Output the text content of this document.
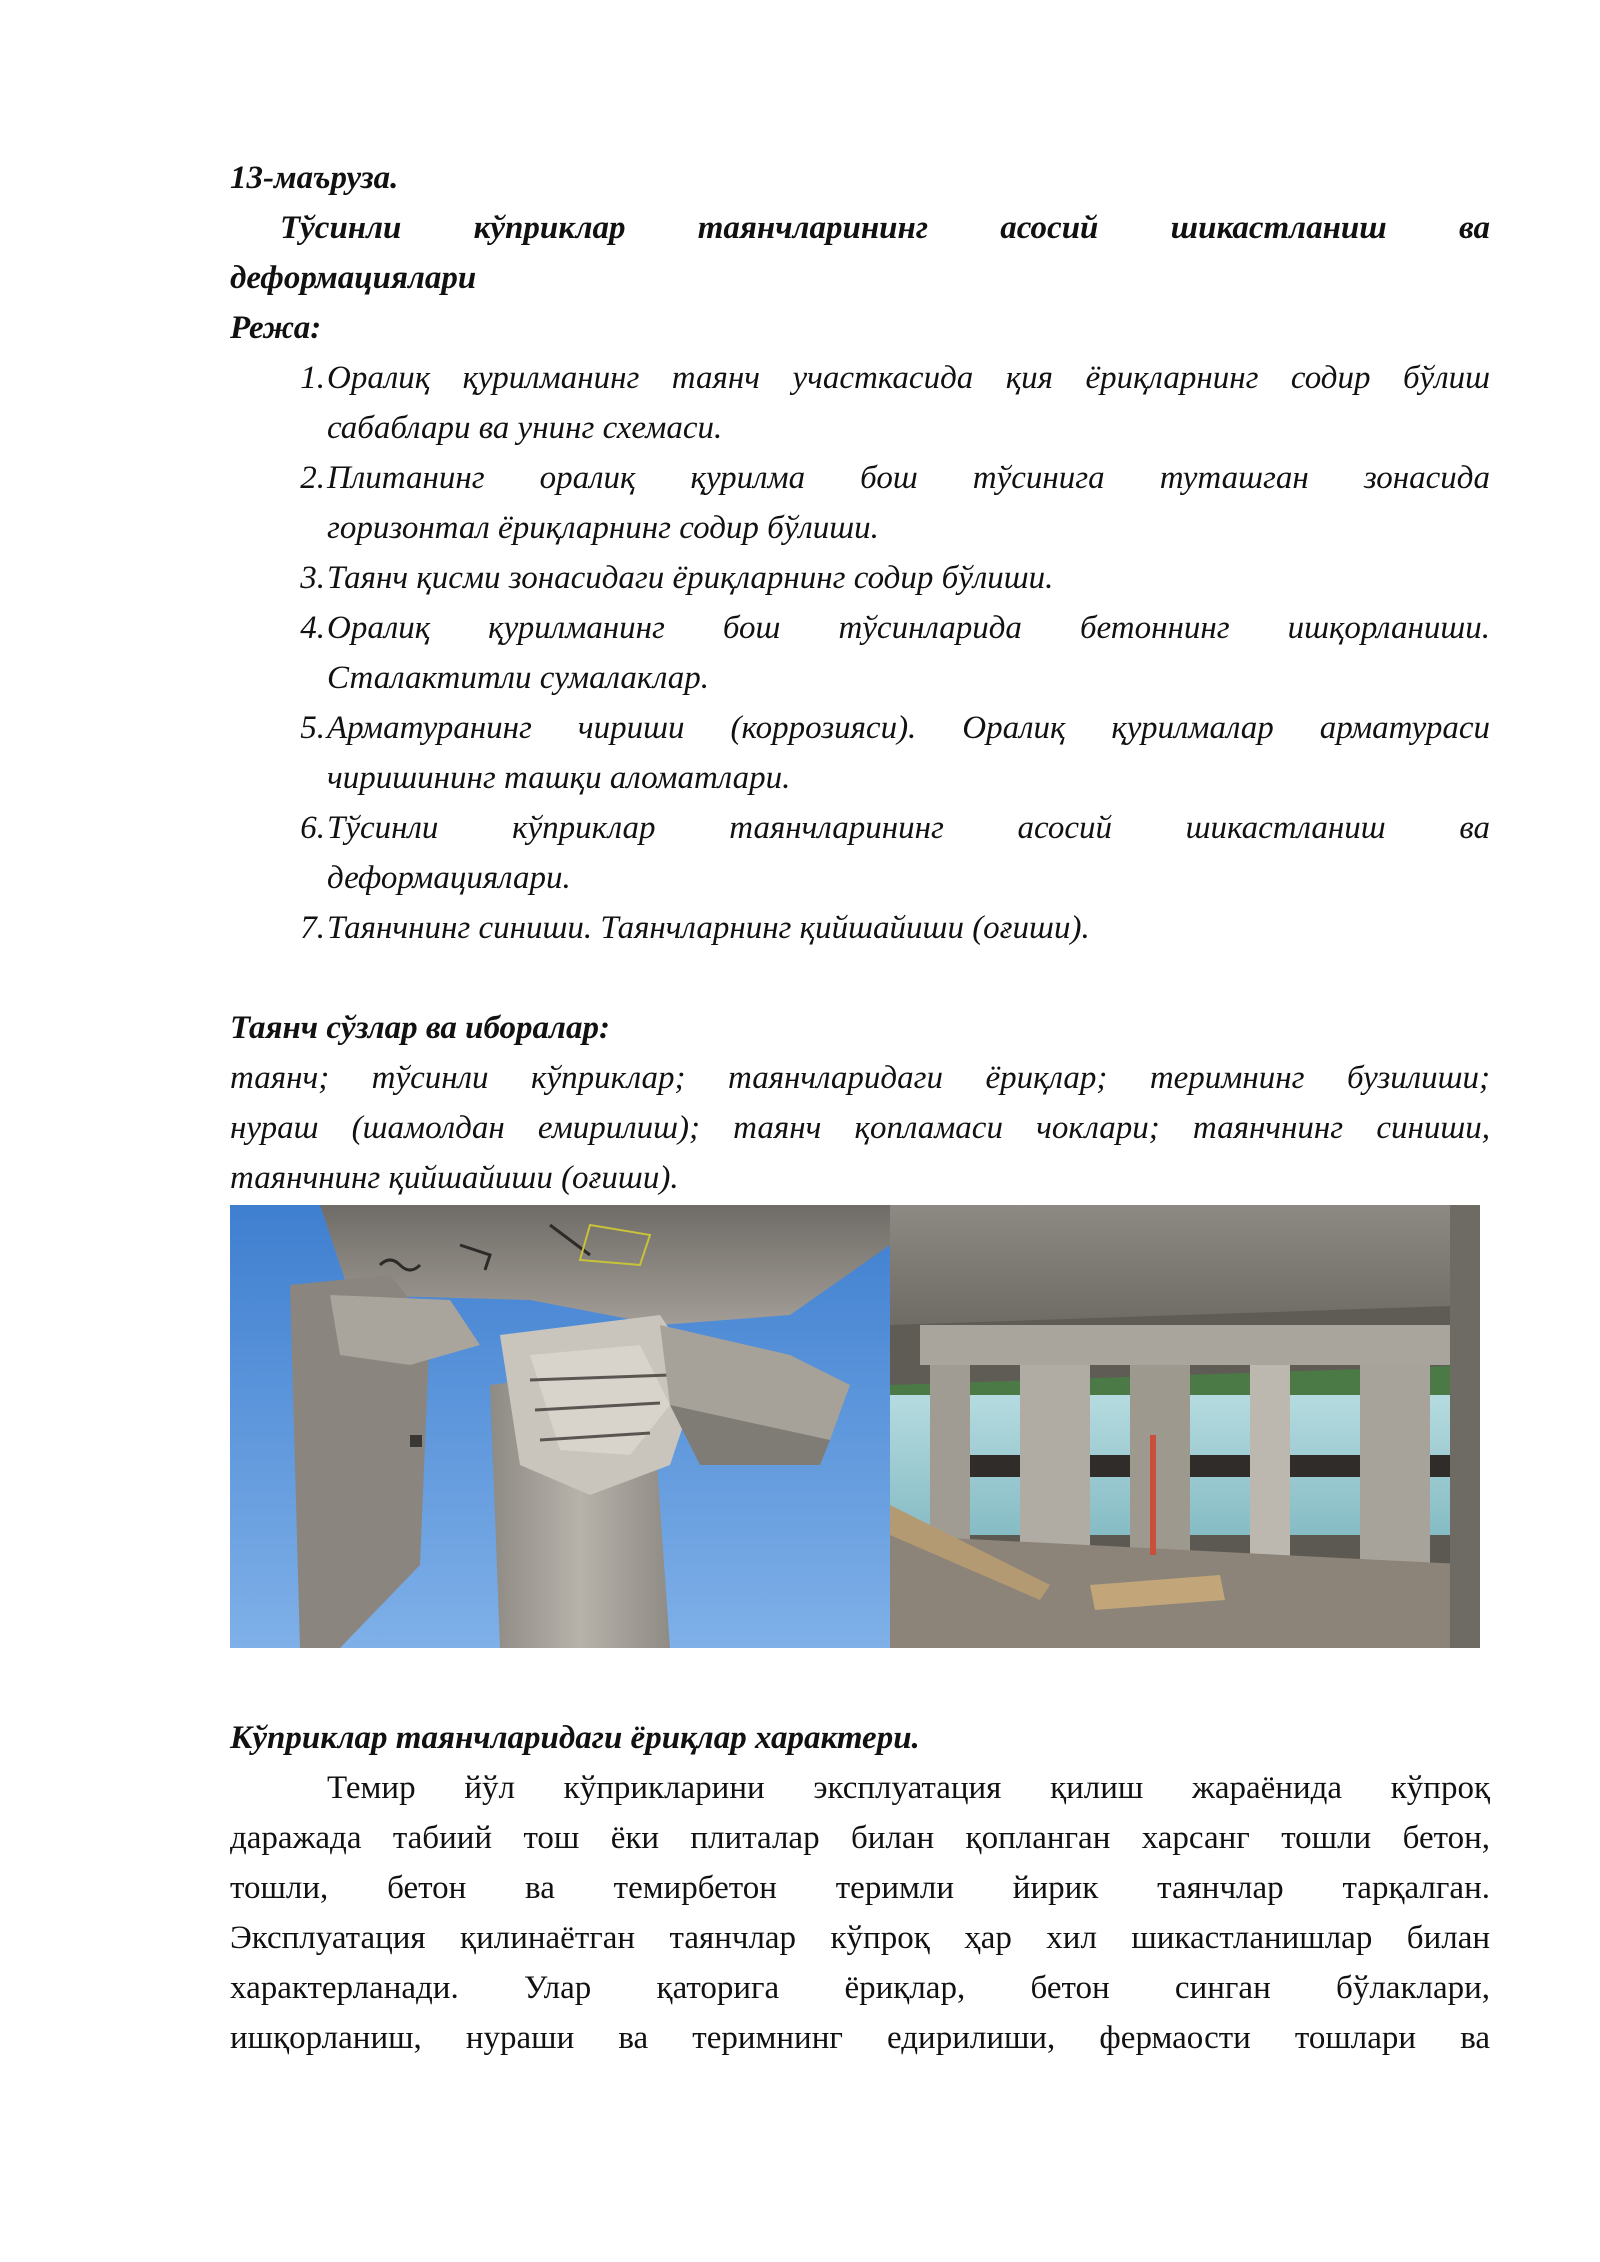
13-маъруза.
Тўсинли кўприклар таянчларининг асосий шикастланиш ва
деформациялари
Режа:
1. Оралиқ қурилманинг таянч участкасида қия ёриқларнинг содир бўлиш
сабаблари ва унинг схемаси.
2. Плитанинг оралиқ қурилма бош тўсинига туташган зонасида
горизонтал ёриқларнинг содир бўлиши.
3. Таянч қисми зонасидаги ёриқларнинг содир бўлиши.
4. Оралиқ қурилманинг бош тўсинларида бетоннинг ишқорланиши.
Сталактитли сумалаклар.
5. Арматуранинг чириши (коррозияси). Оралиқ қурилмалар арматураси
чиришининг ташқи аломатлари.
6. Тўсинли кўприклар таянчларининг асосий шикастланиш ва
деформациялари.
7. Таянчнинг синиши. Таянчларнинг қийшайиши (оғиши).
Таянч сўзлар ва иборалар:
таянч; тўсинли кўприклар; таянчларидаги ёриқлар; теримнинг бузилиши;
нураш (шамолдан емирилиш); таянч қопламаси чоклари; таянчнинг синиши,
таянчнинг қийшайиши (оғиши).
Кўприклар таянчларидаги ёриқлар характери.
Темир йўл кўприкларини эксплуатация қилиш жараёнида кўпроқ
даражада табиий тош ёки плиталар билан қопланган харсанг тошли бетон,
тошли, бетон ва темирбетон теримли йирик таянчлар тарқалган.
Эксплуатация қилинаётган таянчлар кўпроқ ҳар хил шикастланишлар билан
характерланади. Улар қаторига ёриқлар, бетон синган бўлаклари,
ишқорланиш, нураши ва теримнинг едирилиши, фермаости тошлари ва
